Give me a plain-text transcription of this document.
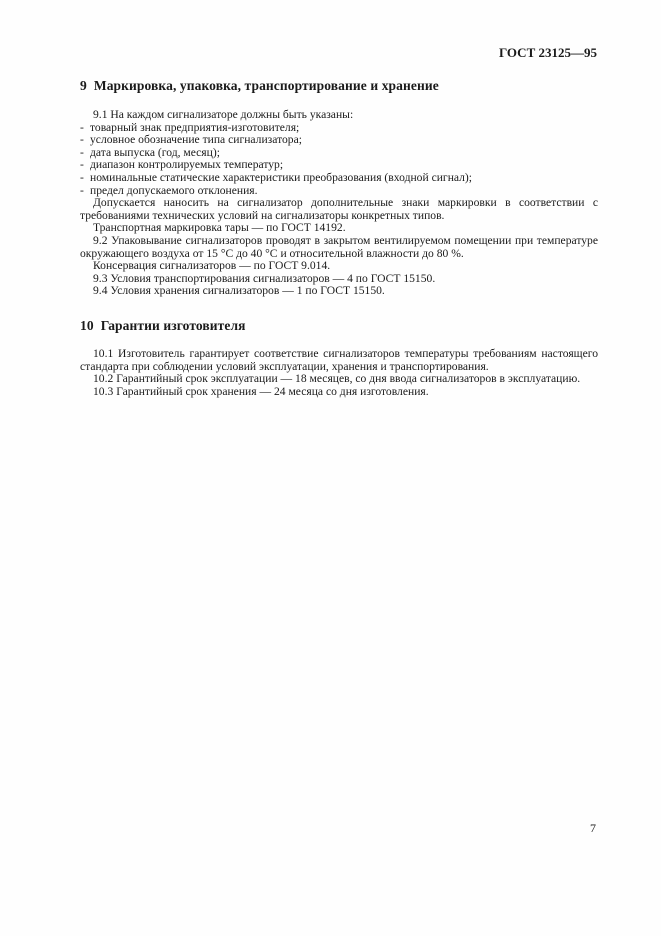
ГОСТ 23125—95
9 Маркировка, упаковка, транспортирование и хранение
9.1 На каждом сигнализаторе должны быть указаны:
- товарный знак предприятия-изготовителя;
- условное обозначение типа сигнализатора;
- дата выпуска (год, месяц);
- диапазон контролируемых температур;
- номинальные статические характеристики преобразования (входной сигнал);
- предел допускаемого отклонения.
Допускается наносить на сигнализатор дополнительные знаки маркировки в соответствии с требованиями технических условий на сигнализаторы конкретных типов.
Транспортная маркировка тары — по ГОСТ 14192.
9.2 Упаковывание сигнализаторов проводят в закрытом вентилируемом помещении при температуре окружающего воздуха от 15 °С до 40 °С и относительной влажности до 80 %.
Консервация сигнализаторов — по ГОСТ 9.014.
9.3 Условия транспортирования сигнализаторов — 4 по ГОСТ 15150.
9.4 Условия хранения сигнализаторов — 1 по ГОСТ 15150.
10 Гарантии изготовителя
10.1 Изготовитель гарантирует соответствие сигнализаторов температуры требованиям настоящего стандарта при соблюдении условий эксплуатации, хранения и транспортирования.
10.2 Гарантийный срок эксплуатации — 18 месяцев, со дня ввода сигнализаторов в эксплуатацию.
10.3 Гарантийный срок хранения — 24 месяца со дня изготовления.
7
